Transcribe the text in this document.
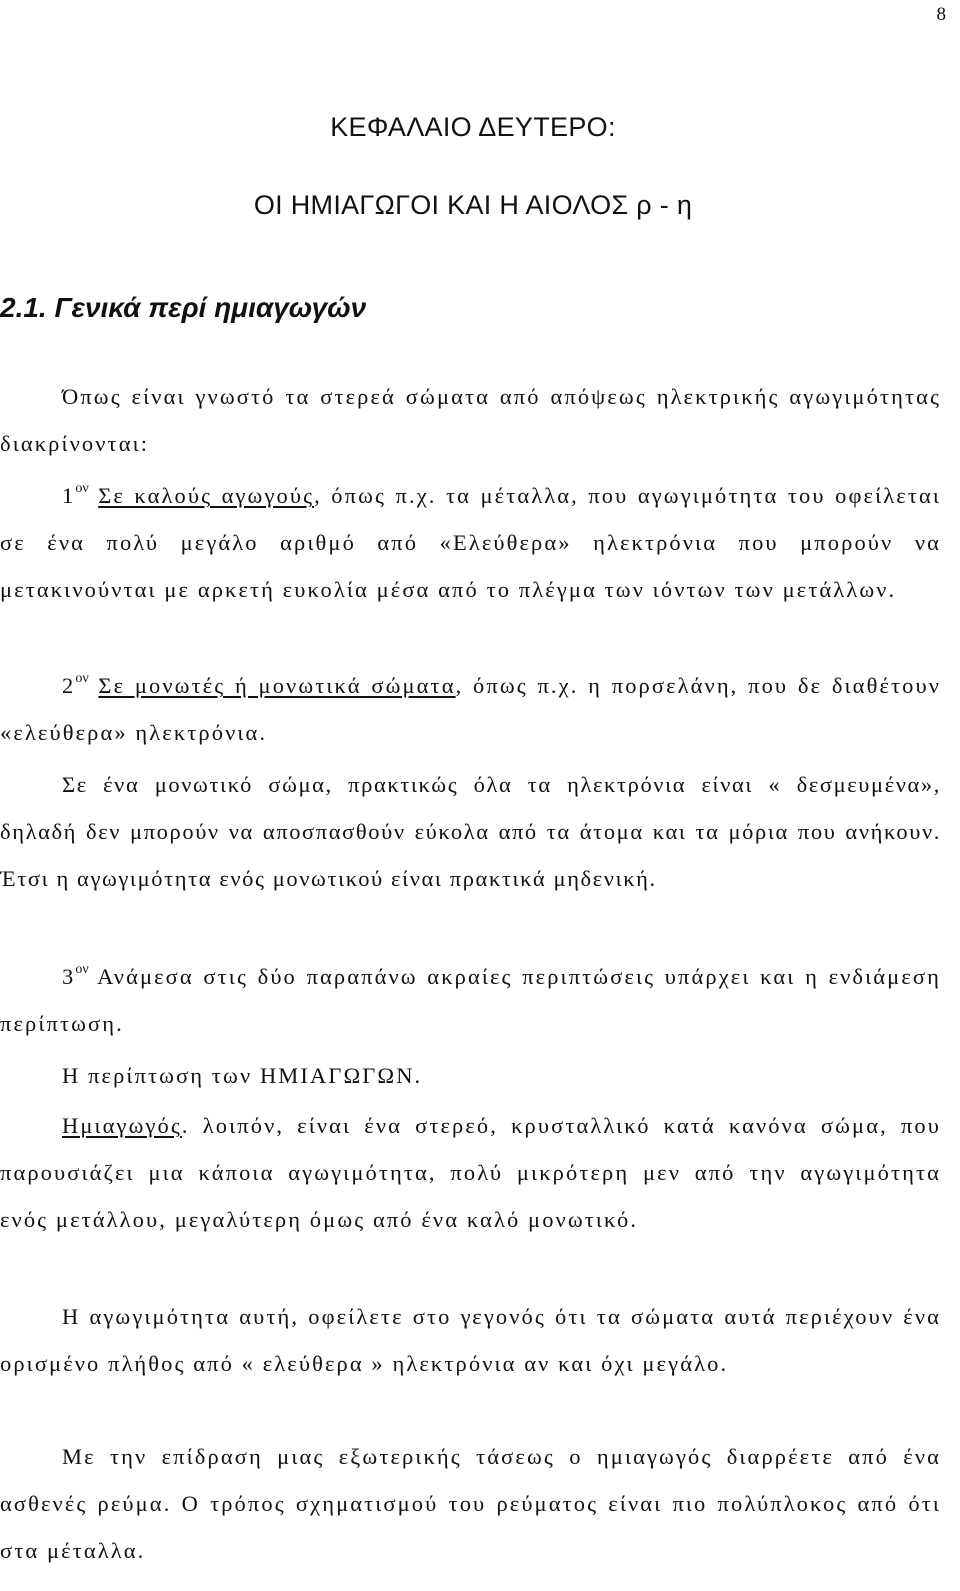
8
ΚΕΦΑΛΑΙΟ ΔΕΥΤΕΡΟ:
ΟΙ ΗΜΙΑΓΩΓΟΙ ΚΑΙ Η ΑΙΟΛΟΣ ρ - η
2.1. Γενικά περί ημιαγωγών

Όπως είναι γνωστό τα στερεά σώματα από απόψεως ηλεκτρικής αγωγιμότητας διακρίνονται:

$1^{o\nu}$ Σε καλούς αγωγούς, όπως π.χ. τα μέταλλα, που αγωγιμότητα του οφείλεται σε ένα πολύ μεγάλο αριθμό από «Ελεύθερα» ηλεκτρόνια που μπορούν να μετακινούνται με αρκετή ευκολία μέσα από το πλέγμα των ιόντων των μετάλλων.

$2^{o\nu}$ Σε μονωτές ή μονωτικά σώματα, όπως π.χ. η πορσελάνη, που δε διαθέτουν «ελεύθερα» ηλεκτρόνια.

Σε ένα μονωτικό σώμα, πρακτικώς όλα τα ηλεκτρόνια είναι « δεσμευμένα», δηλαδή δεν μπορούν να αποσπασθούν εύκολα από τα άτομα και τα μόρια που ανήκουν. Έτσι η αγωγιμότητα ενός μονωτικού είναι πρακτικά μηδενική.

$3^{o\nu}$ Ανάμεσα στις δύο παραπάνω ακραίες περιπτώσεις υπάρχει και η ενδιάμεση περίπτωση.

Η περίπτωση των ΗΜΙΑΓΩΓΩΝ.

Ημιαγωγός. λοιπόν, είναι ένα στερεό, κρυσταλλικό κατά κανόνα σώμα, που παρουσιάζει μια κάποια αγωγιμότητα, πολύ μικρότερη μεν από την αγωγιμότητα ενός μετάλλου, μεγαλύτερη όμως από ένα καλό μονωτικό.

Η αγωγιμότητα αυτή, οφείλετε στο γεγονός ότι τα σώματα αυτά περιέχουν ένα ορισμένο πλήθος από « ελεύθερα » ηλεκτρόνια αν και όχι μεγάλο.

Με την επίδραση μιας εξωτερικής τάσεως ο ημιαγωγός διαρρέετε από ένα ασθενές ρεύμα. Ο τρόπος σχηματισμού του ρεύματος είναι πιο πολύπλοκος από ότι στα μέταλλα.
